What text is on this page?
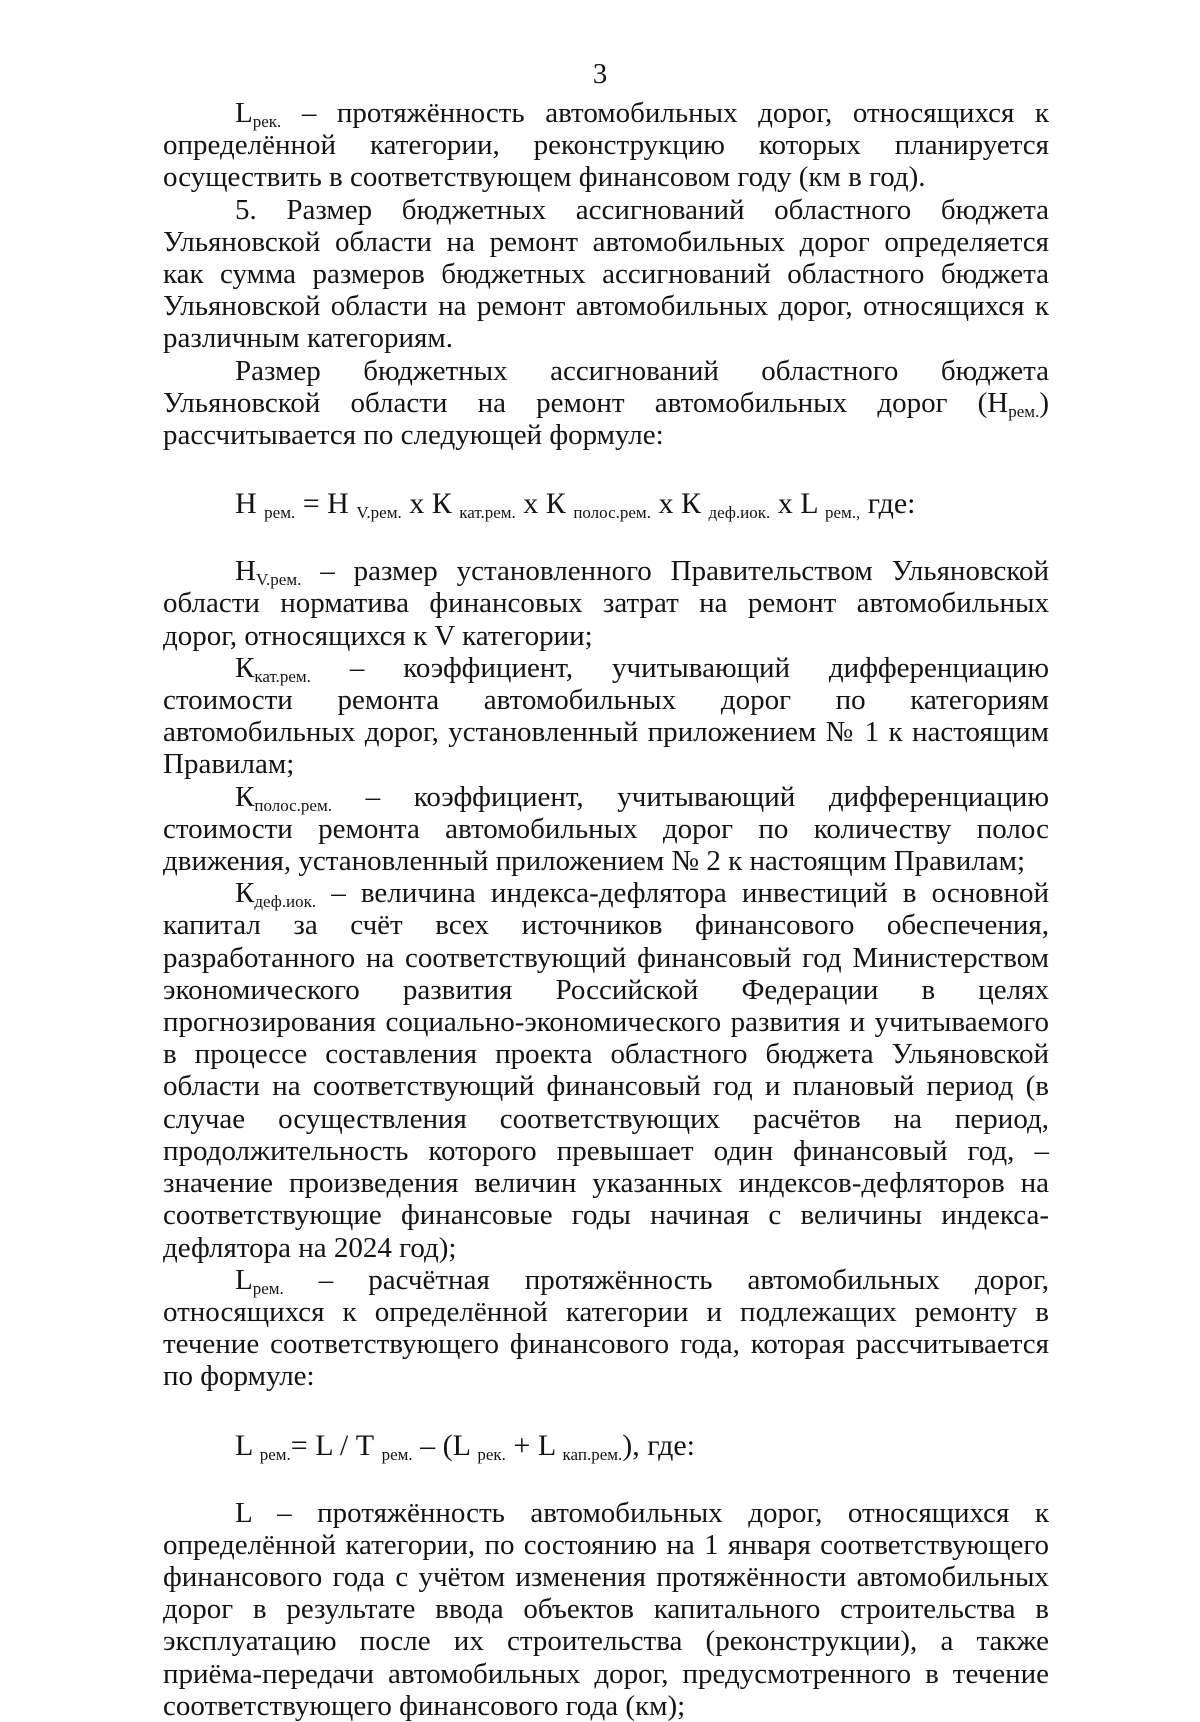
3

$L_{рек.}$ – протяжённость автомобильных дорог, относящихся к определённой категории, реконструкцию которых планируется осуществить в соответствующем финансовом году (км в год).

5. Размер бюджетных ассигнований областного бюджета Ульяновской области на ремонт автомобильных дорог определяется как сумма размеров бюджетных ассигнований областного бюджета Ульяновской области на ремонт автомобильных дорог, относящихся к различным категориям.

Размер бюджетных ассигнований областного бюджета Ульяновской области на ремонт автомобильных дорог $(Н_{рем.})$ рассчитывается по следующей формуле:

Н $_{рем.}$ = Н $_{V.рем.}$ х К $_{кат.рем.}$ х К $_{полос.рем.}$ х К $_{деф.иок.}$ х L $_{рем.,}$ где:

$Н_{V.рем.}$ – размер установленного Правительством Ульяновской области норматива финансовых затрат на ремонт автомобильных дорог, относящихся к V категории;

$К_{кат.рем.}$ – коэффициент, учитывающий дифференциацию стоимости ремонта автомобильных дорог по категориям автомобильных дорог, установленный приложением № 1 к настоящим Правилам;

$К_{полос.рем.}$ – коэффициент, учитывающий дифференциацию стоимости ремонта автомобильных дорог по количеству полос движения, установленный приложением № 2 к настоящим Правилам;

$К_{деф.иок.}$ – величина индекса-дефлятора инвестиций в основной капитал за счёт всех источников финансового обеспечения, разработанного на соответствующий финансовый год Министерством экономического развития Российской Федерации в целях прогнозирования социально-экономического развития и учитываемого в процессе составления проекта областного бюджета Ульяновской области на соответствующий финансовый год и плановый период (в случае осуществления соответствующих расчётов на период, продолжительность которого превышает один финансовый год, – значение произведения величин указанных индексов-дефляторов на соответствующие финансовые годы начиная с величины индекса-дефлятора на 2024 год);

$L_{рем.}$ – расчётная протяжённость автомобильных дорог, относящихся к определённой категории и подлежащих ремонту в течение соответствующего финансового года, которая рассчитывается по формуле:

L $_{рем.}$= L / Т $_{рем.}$ – (L $_{рек.}$ + L $_{кап.рем.}$), где:

L – протяжённость автомобильных дорог, относящихся к определённой категории, по состоянию на 1 января соответствующего финансового года с учётом изменения протяжённости автомобильных дорог в результате ввода объектов капитального строительства в эксплуатацию после их строительства (реконструкции), а также приёма-передачи автомобильных дорог, предусмотренного в течение соответствующего финансового года (км);
